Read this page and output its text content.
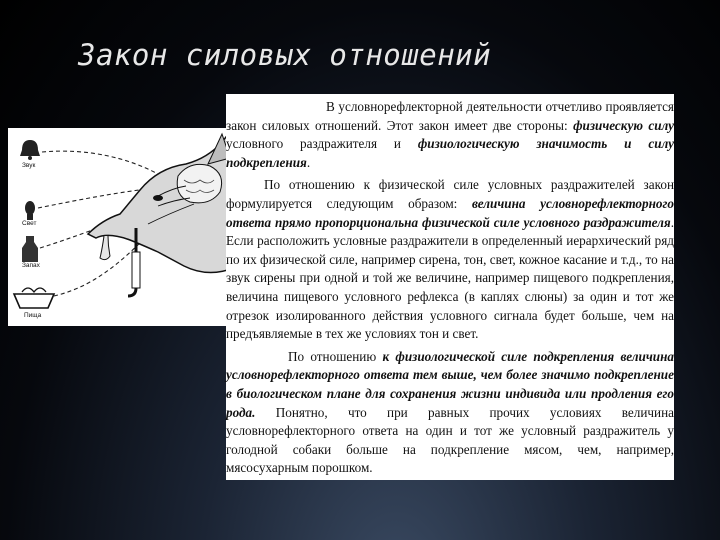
Закон силовых отношений
Звук
Свет
Запах
Пища

В условнорефлекторной деятельности отчетливо проявляется закон силовых отношений. Этот закон имеет две стороны: физическую силу условного раздражителя и физиологическую значимость и силу подкрепления.

По отношению к физической силе условных раздражителей закон формулируется следующим образом: величина условнорефлекторного ответа прямо пропорциональна физической силе условного раздражителя. Если расположить условные раздражители в определенный иерархический ряд по их физической силе, например сирена, тон, свет, кожное касание и т.д., то на звук сирены при одной и той же величине, например пищевого подкрепления, величина пищевого условного рефлекса (в каплях слюны) за один и тот же отрезок изолированного действия условного сигнала будет больше, чем на предъявляемые в тех же условиях тон и свет.

По отношению к физиологической силе подкрепления величина условнорефлекторного ответа тем выше, чем более значимо подкрепление в биологическом плане для сохранения жизни индивида или продления его рода. Понятно, что при равных прочих условиях величина условнорефлекторного ответа на один и тот же условный раздражитель у голодной собаки больше на подкрепление мясом, чем, например, мясосухарным порошком.
